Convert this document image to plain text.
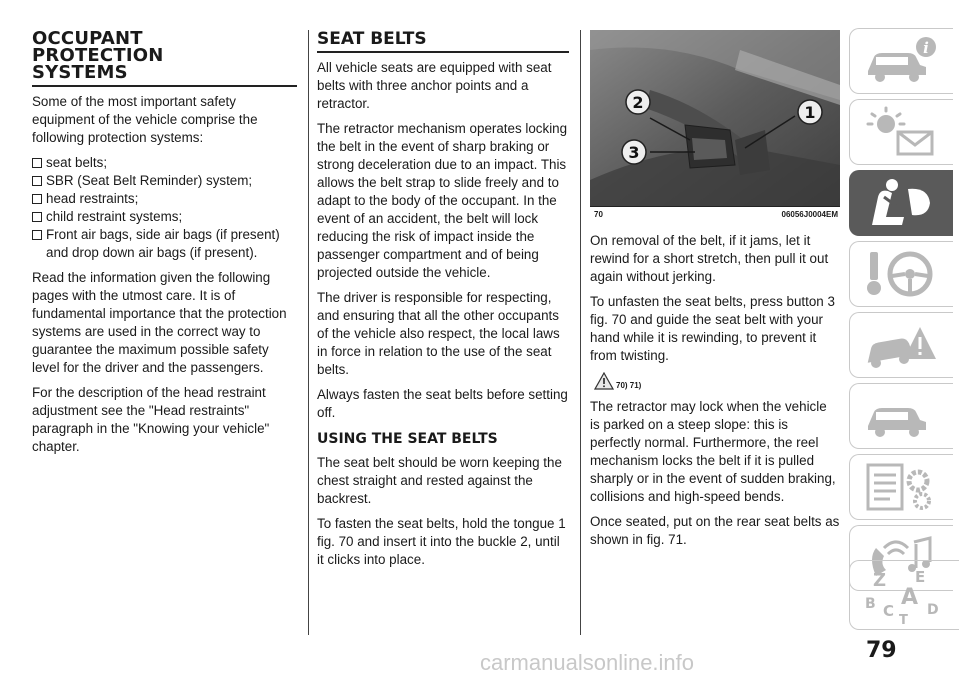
OCCUPANT
PROTECTION
SYSTEMS

Some of the most important safety equipment of the vehicle comprise the following protection systems:

seat belts;
SBR (Seat Belt Reminder) system;
head restraints;
child restraint systems;
Front air bags, side air bags (if present) and drop down air bags (if present).

Read the information given the following pages with the utmost care. It is of fundamental importance that the protection systems are used in the correct way to guarantee the maximum possible safety level for the driver and the passengers.

For the description of the head restraint adjustment see the "Head restraints" paragraph in the "Knowing your vehicle" chapter.

SEAT BELTS

All vehicle seats are equipped with seat belts with three anchor points and a retractor.

The retractor mechanism operates locking the belt in the event of sharp braking or strong deceleration due to an impact. This allows the belt strap to slide freely and to adapt to the body of the occupant. In the event of an accident, the belt will lock reducing the risk of impact inside the passenger compartment and of being projected outside the vehicle.

The driver is responsible for respecting, and ensuring that all the other occupants of the vehicle also respect, the local laws in force in relation to the use of the seat belts.

Always fasten the seat belts before setting off.

USING THE SEAT BELTS

The seat belt should be worn keeping the chest straight and rested against the backrest.

To fasten the seat belts, hold the tongue 1 fig. 70 and insert it into the buckle 2, until it clicks into place.

2
1
3
70	06056J0004EM

On removal of the belt, if it jams, let it rewind for a short stretch, then pull it out again without jerking.

To unfasten the seat belts, press button 3 fig. 70 and guide the seat belt with your hand while it is rewinding, to prevent it from twisting.

70) 71)

The retractor may lock when the vehicle is parked on a steep slope: this is perfectly normal. Furthermore, the reel mechanism locks the belt if it is pulled sharply or in the event of sudden braking, collisions and high-speed bends.

Once seated, put on the rear seat belts as shown in fig. 71.

i
Z E
A
B C D
T
79
carmanualsonline.info
